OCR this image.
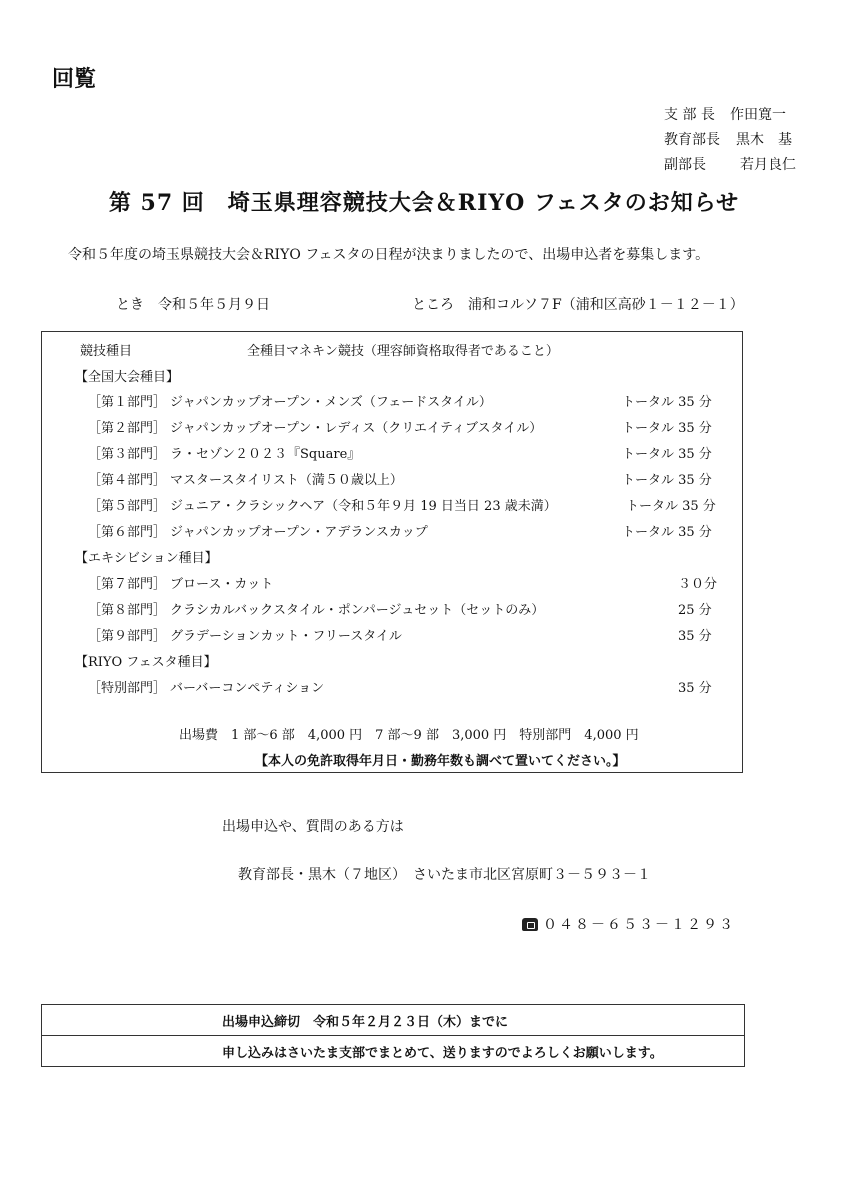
回覧
支 部 長 作田寛一
教育部長 黒木　基
副部長 若月良仁
第 57 回　埼玉県理容競技大会＆RIYO フェスタのお知らせ
令和５年度の埼玉県競技大会＆RIYO フェスタの日程が決まりましたので、出場申込者を募集します。
とき　令和５年５月９日	ところ　浦和コルソ７F（浦和区高砂１－１２－１）
競技種目	全種目マネキン競技（理容師資格取得者であること）
【全国大会種目】
［第１部門］ ジャパンカップオープン・メンズ（フェードスタイル）	トータル 35 分
［第２部門］ ジャパンカップオープン・レディス（クリエイティブスタイル）	トータル 35 分
［第３部門］ ラ・セゾン２０２３『Square』	トータル 35 分
［第４部門］ マスタースタイリスト（満５０歳以上）	トータル 35 分
［第５部門］ ジュニア・クラシックヘア（令和５年９月 19 日当日 23 歳未満）	トータル 35 分
［第６部門］ ジャパンカップオープン・アデランスカップ	トータル 35 分
【エキシビション種目】
［第７部門］ ブロース・カット	３０分
［第８部門］ クラシカルバックスタイル・ポンパージュセット（セットのみ）	25 分
［第９部門］ グラデーションカット・フリースタイル	35 分
【RIYO フェスタ種目】
［特別部門］ バーバーコンペティション	35 分
出場費　1 部～6 部　4,000 円　7 部～9 部　3,000 円　特別部門　4,000 円
【本人の免許取得年月日・勤務年数も調べて置いてください。】
出場申込や、質問のある方は
教育部長・黒木（７地区）　さいたま市北区宮原町３－５９３－１
０４８－６５３－１２９３
出場申込締切　令和５年２月２３日（木）までに
申し込みはさいたま支部でまとめて、送りますのでよろしくお願いします。
